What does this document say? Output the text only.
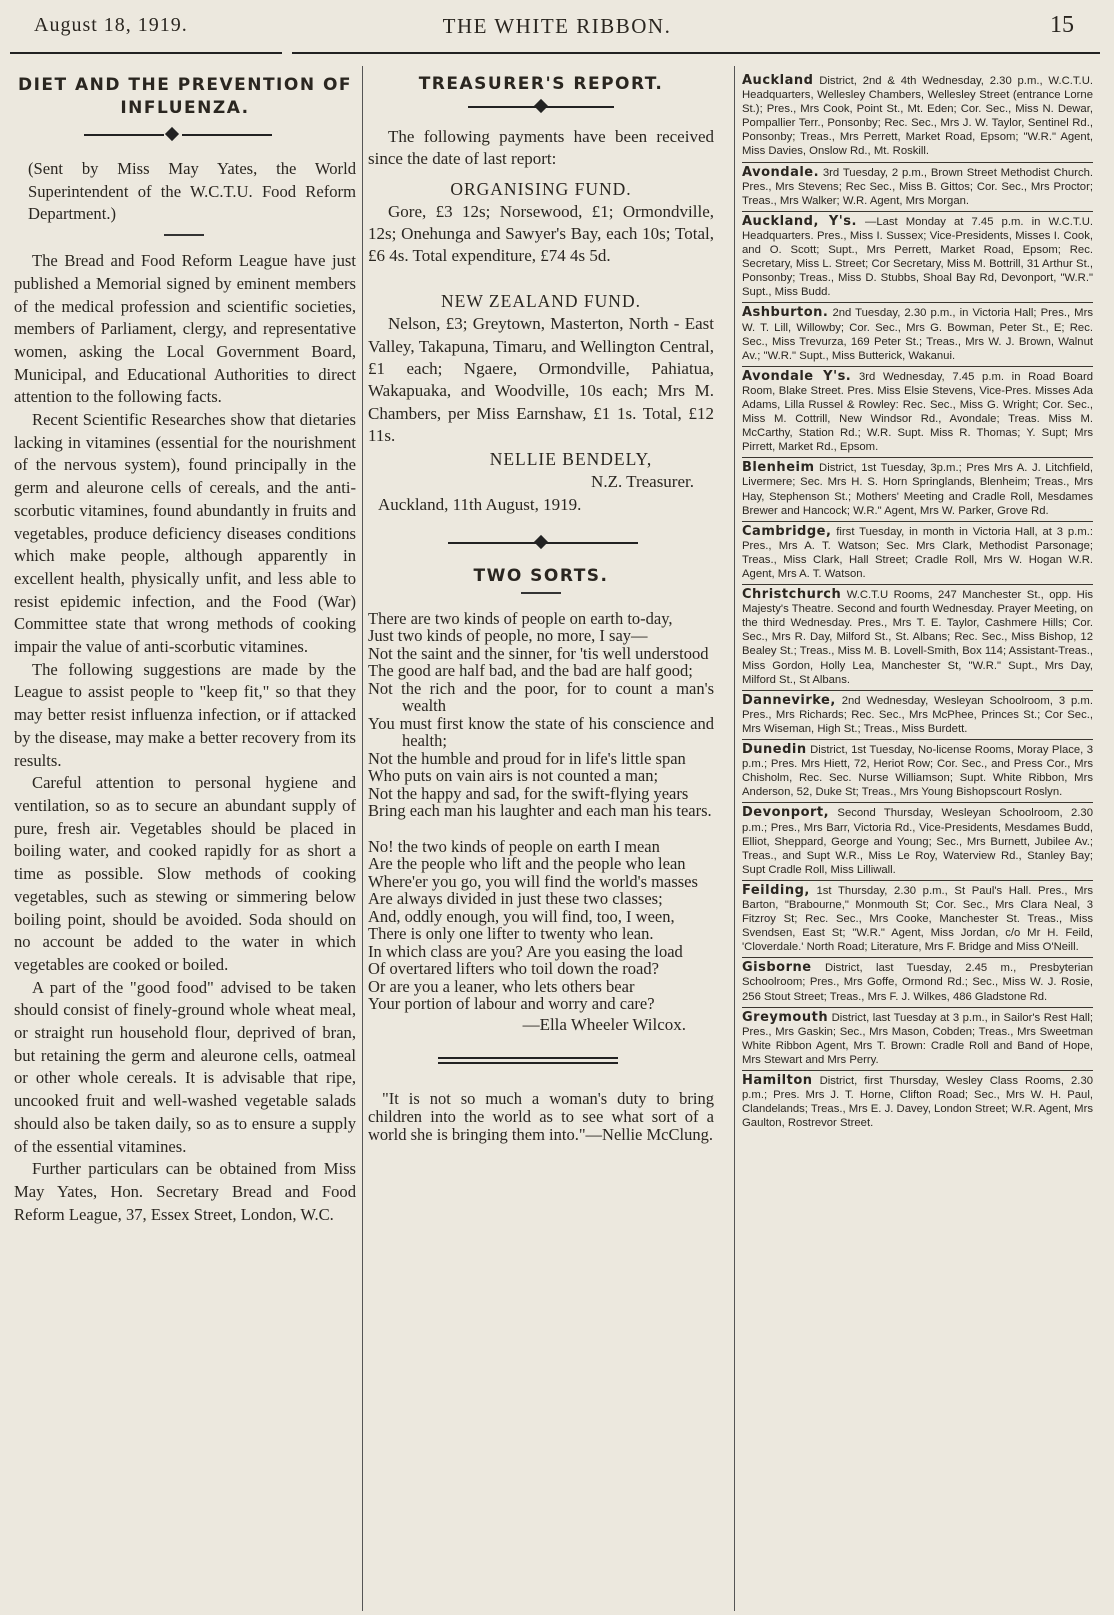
August 18, 1919.	THE WHITE RIBBON.	15
DIET AND THE PREVENTION OF INFLUENZA.

(Sent by Miss May Yates, the World Superintendent of the W.C.T.U. Food Reform Department.)

The Bread and Food Reform League have just published a Memorial signed by eminent members of the medical profession and scientific societies, members of Parliament, clergy, and representative women, asking the Local Government Board, Municipal, and Educational Authorities to direct attention to the following facts.

Recent Scientific Researches show that dietaries lacking in vitamines (essential for the nourishment of the nervous system), found principally in the germ and aleurone cells of cereals, and the anti-scorbutic vitamines, found abundantly in fruits and vegetables, produce deficiency diseases conditions which make people, although apparently in excellent health, physically unfit, and less able to resist epidemic infection, and the Food (War) Committee state that wrong methods of cooking impair the value of anti-scorbutic vitamines.

The following suggestions are made by the League to assist people to "keep fit," so that they may better resist influenza infection, or if attacked by the disease, may make a better recovery from its results.

Careful attention to personal hygiene and ventilation, so as to secure an abundant supply of pure, fresh air. Vegetables should be placed in boiling water, and cooked rapidly for as short a time as possible. Slow methods of cooking vegetables, such as stewing or simmering below boiling point, should be avoided. Soda should on no account be added to the water in which vegetables are cooked or boiled.

A part of the "good food" advised to be taken should consist of finely-ground whole wheat meal, or straight run household flour, deprived of bran, but retaining the germ and aleurone cells, oatmeal or other whole cereals. It is advisable that ripe, uncooked fruit and well-washed vegetable salads should also be taken daily, so as to ensure a supply of the essential vitamines.

Further particulars can be obtained from Miss May Yates, Hon. Secretary Bread and Food Reform League, 37, Essex Street, London, W.C.

TREASURER'S REPORT.

The following payments have been received since the date of last report:

ORGANISING FUND.

Gore, £3 12s; Norsewood, £1; Ormondville, 12s; Onehunga and Sawyer's Bay, each 10s; Total, £6 4s. Total expenditure, £74 4s 5d.

NEW ZEALAND FUND.

Nelson, £3; Greytown, Masterton, North - East Valley, Takapuna, Timaru, and Wellington Central, £1 each; Ngaere, Ormondville, Pahiatua, Wakapuaka, and Woodville, 10s each; Mrs M. Chambers, per Miss Earnshaw, £1 1s. Total, £12 11s.

NELLIE BENDELY,
N.Z. Treasurer.

Auckland, 11th August, 1919.

TWO SORTS.
There are two kinds of people on earth to-day,
Just two kinds of people, no more, I say—
Not the saint and the sinner, for 'tis well understood
The good are half bad, and the bad are half good;
Not the rich and the poor, for to count a man's wealth
You must first know the state of his conscience and health;
Not the humble and proud for in life's little span
Who puts on vain airs is not counted a man;
Not the happy and sad, for the swift-flying years
Bring each man his laughter and each man his tears.
No! the two kinds of people on earth I mean
Are the people who lift and the people who lean
Where'er you go, you will find the world's masses
Are always divided in just these two classes;
And, oddly enough, you will find, too, I ween,
There is only one lifter to twenty who lean.
In which class are you? Are you easing the load
Of overtared lifters who toil down the road?
Or are you a leaner, who lets others bear
Your portion of labour and worry and care?
—Ella Wheeler Wilcox.

"It is not so much a woman's duty to bring children into the world as to see what sort of a world she is bringing them into."—Nellie McClung.

Auckland District, 2nd & 4th Wednesday, 2.30 p.m., W.C.T.U. Headquarters, Wellesley Chambers, Wellesley Street (entrance Lorne St.); Pres., Mrs Cook, Point St., Mt. Eden; Cor. Sec., Miss N. Dewar, Pompallier Terr., Ponsonby; Rec. Sec., Mrs J. W. Taylor, Sentinel Rd., Ponsonby; Treas., Mrs Perrett, Market Road, Epsom; "W.R." Agent, Miss Davies, Onslow Rd., Mt. Roskill.
Avondale. 3rd Tuesday, 2 p.m., Brown Street Methodist Church. Pres., Mrs Stevens; Rec Sec., Miss B. Gittos; Cor. Sec., Mrs Proctor; Treas., Mrs Walker; W.R. Agent, Mrs Morgan.
Auckland, Y's. —Last Monday at 7.45 p.m. in W.C.T.U. Headquarters. Pres., Miss I. Sussex; Vice-Presidents, Misses I. Cook, and O. Scott; Supt., Mrs Perrett, Market Road, Epsom; Rec. Secretary, Miss L. Street; Cor Secretary, Miss M. Bottrill, 31 Arthur St., Ponsonby; Treas., Miss D. Stubbs, Shoal Bay Rd, Devonport, "W.R." Supt., Miss Budd.
Ashburton. 2nd Tuesday, 2.30 p.m., in Victoria Hall; Pres., Mrs W. T. Lill, Willowby; Cor. Sec., Mrs G. Bowman, Peter St., E; Rec. Sec., Miss Trevurza, 169 Peter St.; Treas., Mrs W. J. Brown, Walnut Av.; "W.R." Supt., Miss Butterick, Wakanui.
Avondale Y's. 3rd Wednesday, 7.45 p.m. in Road Board Room, Blake Street. Pres. Miss Elsie Stevens, Vice-Pres. Misses Ada Adams, Lilla Russel & Rowley: Rec. Sec., Miss G. Wright; Cor. Sec., Miss M. Cottrill, New Windsor Rd., Avondale; Treas. Miss M. McCarthy, Station Rd.; W.R. Supt. Miss R. Thomas; Y. Supt; Mrs Pirrett, Market Rd., Epsom.
Blenheim District, 1st Tuesday, 3p.m.; Pres Mrs A. J. Litchfield, Livermere; Sec. Mrs H. S. Horn Springlands, Blenheim; Treas., Mrs Hay, Stephenson St.; Mothers' Meeting and Cradle Roll, Mesdames Brewer and Hancock; W.R." Agent, Mrs W. Parker, Grove Rd.
Cambridge, first Tuesday, in month in Victoria Hall, at 3 p.m.: Pres., Mrs A. T. Watson; Sec. Mrs Clark, Methodist Parsonage; Treas., Miss Clark, Hall Street; Cradle Roll, Mrs W. Hogan W.R. Agent, Mrs A. T. Watson.
Christchurch W.C.T.U Rooms, 247 Manchester St., opp. His Majesty's Theatre. Second and fourth Wednesday. Prayer Meeting, on the third Wednesday. Pres., Mrs T. E. Taylor, Cashmere Hills; Cor. Sec., Mrs R. Day, Milford St., St. Albans; Rec. Sec., Miss Bishop, 12 Bealey St.; Treas., Miss M. B. Lovell-Smith, Box 114; Assistant-Treas., Miss Gordon, Holly Lea, Manchester St, "W.R." Supt., Mrs Day, Milford St., St Albans.
Dannevirke, 2nd Wednesday, Wesleyan Schoolroom, 3 p.m. Pres., Mrs Richards; Rec. Sec., Mrs McPhee, Princes St.; Cor Sec., Mrs Wiseman, High St.; Treas., Miss Burdett.
Dunedin District, 1st Tuesday, No-license Rooms, Moray Place, 3 p.m.; Pres. Mrs Hiett, 72, Heriot Row; Cor. Sec., and Press Cor., Mrs Chisholm, Rec. Sec. Nurse Williamson; Supt. White Ribbon, Mrs Anderson, 52, Duke St; Treas., Mrs Young Bishopscourt Roslyn.
Devonport, Second Thursday, Wesleyan Schoolroom, 2.30 p.m.; Pres., Mrs Barr, Victoria Rd., Vice-Presidents, Mesdames Budd, Elliot, Sheppard, George and Young; Sec., Mrs Burnett, Jubilee Av.; Treas., and Supt W.R., Miss Le Roy, Waterview Rd., Stanley Bay; Supt Cradle Roll, Miss Lilliwall.
Feilding, 1st Thursday, 2.30 p.m., St Paul's Hall. Pres., Mrs Barton, "Brabourne," Monmouth St; Cor. Sec., Mrs Clara Neal, 3 Fitzroy St; Rec. Sec., Mrs Cooke, Manchester St. Treas., Miss Svendsen, East St; "W.R." Agent, Miss Jordan, c/o Mr H. Feild, 'Cloverdale.' North Road; Literature, Mrs F. Bridge and Miss O'Neill.
Gisborne District, last Tuesday, 2.45 m., Presbyterian Schoolroom; Pres., Mrs Goffe, Ormond Rd.; Sec., Miss W. J. Rosie, 256 Stout Street; Treas., Mrs F. J. Wilkes, 486 Gladstone Rd.
Greymouth District, last Tuesday at 3 p.m., in Sailor's Rest Hall; Pres., Mrs Gaskin; Sec., Mrs Mason, Cobden; Treas., Mrs Sweetman White Ribbon Agent, Mrs T. Brown: Cradle Roll and Band of Hope, Mrs Stewart and Mrs Perry.
Hamilton District, first Thursday, Wesley Class Rooms, 2.30 p.m.; Pres. Mrs J. T. Horne, Clifton Road; Sec., Mrs W. H. Paul, Clandelands; Treas., Mrs E. J. Davey, London Street; W.R. Agent, Mrs Gaulton, Rostrevor Street.
